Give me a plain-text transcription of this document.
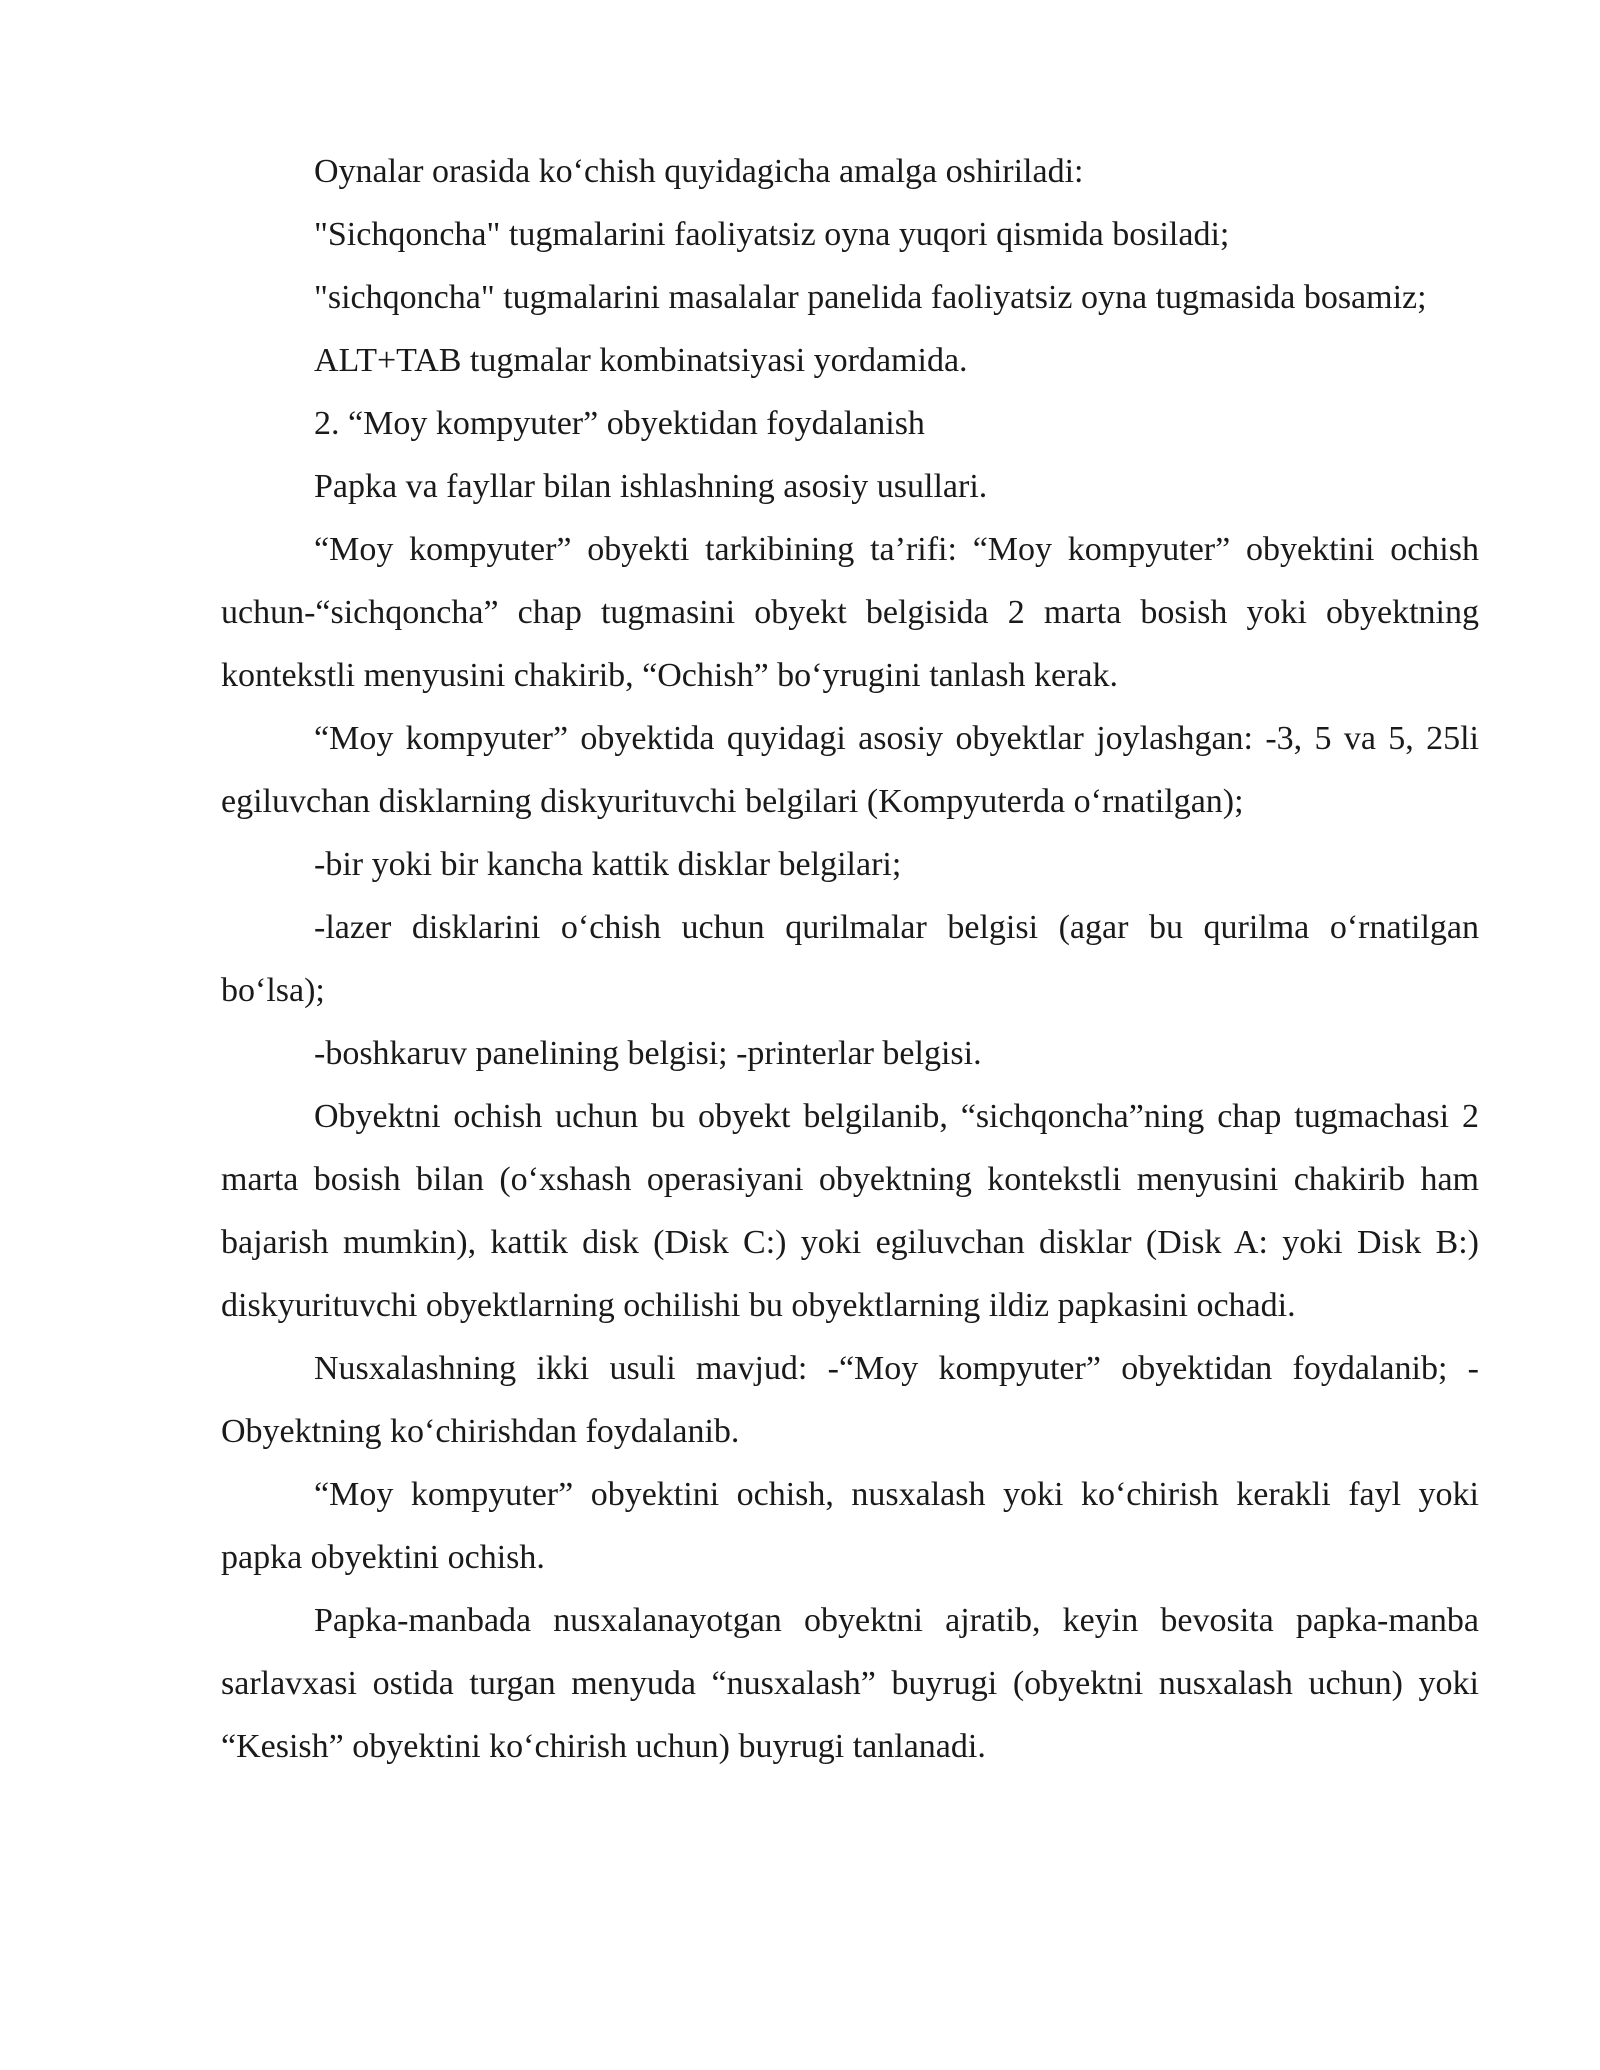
Oynalar orasida koʻchish quyidagicha amalga oshiriladi:

"Sichqoncha" tugmalarini faoliyatsiz oyna yuqori qismida bosiladi;

"sichqoncha" tugmalarini masalalar panelida faoliyatsiz oyna tugmasida bosamiz;

ALT+TAB tugmalar kombinatsiyasi yordamida.

2. “Moy kompyuter” obyektidan foydalanish

Papka va fayllar bilan ishlashning asosiy usullari.

“Moy kompyuter” obyekti tarkibining ta’rifi: “Moy kompyuter” obyektini ochish uchun-“sichqoncha” chap tugmasini obyekt belgisida 2 marta bosish yoki obyektning kontekstli menyusini chakirib, “Ochish” boʻyrugini tanlash kerak.

“Moy kompyuter” obyektida quyidagi asosiy obyektlar joylashgan: -3, 5 va 5, 25li egiluvchan disklarning diskyurituvchi belgilari (Kompyuterda oʻrnatilgan);

-bir yoki bir kancha kattik disklar belgilari;

-lazer disklarini oʻchish uchun qurilmalar belgisi (agar bu qurilma oʻrnatilgan boʻlsa);

-boshkaruv panelining belgisi; -printerlar belgisi.

Obyektni ochish uchun bu obyekt belgilanib, “sichqoncha”ning chap tugmachasi 2 marta bosish bilan (oʻxshash operasiyani obyektning kontekstli menyusini chakirib ham bajarish mumkin), kattik disk (Disk C:) yoki egiluvchan disklar (Disk A: yoki Disk B:) diskyurituvchi obyektlarning ochilishi bu obyektlarning ildiz papkasini ochadi.

Nusxalashning ikki usuli mavjud: -“Moy kompyuter” obyektidan foydalanib; -Obyektning koʻchirishdan foydalanib.

“Moy kompyuter” obyektini ochish, nusxalash yoki koʻchirish kerakli fayl yoki papka obyektini ochish.

Papka-manbada nusxalanayotgan obyektni ajratib, keyin bevosita papka-manba sarlavxasi ostida turgan menyuda “nusxalash” buyrugi (obyektni nusxalash uchun) yoki “Kesish” obyektini koʻchirish uchun) buyrugi tanlanadi.
